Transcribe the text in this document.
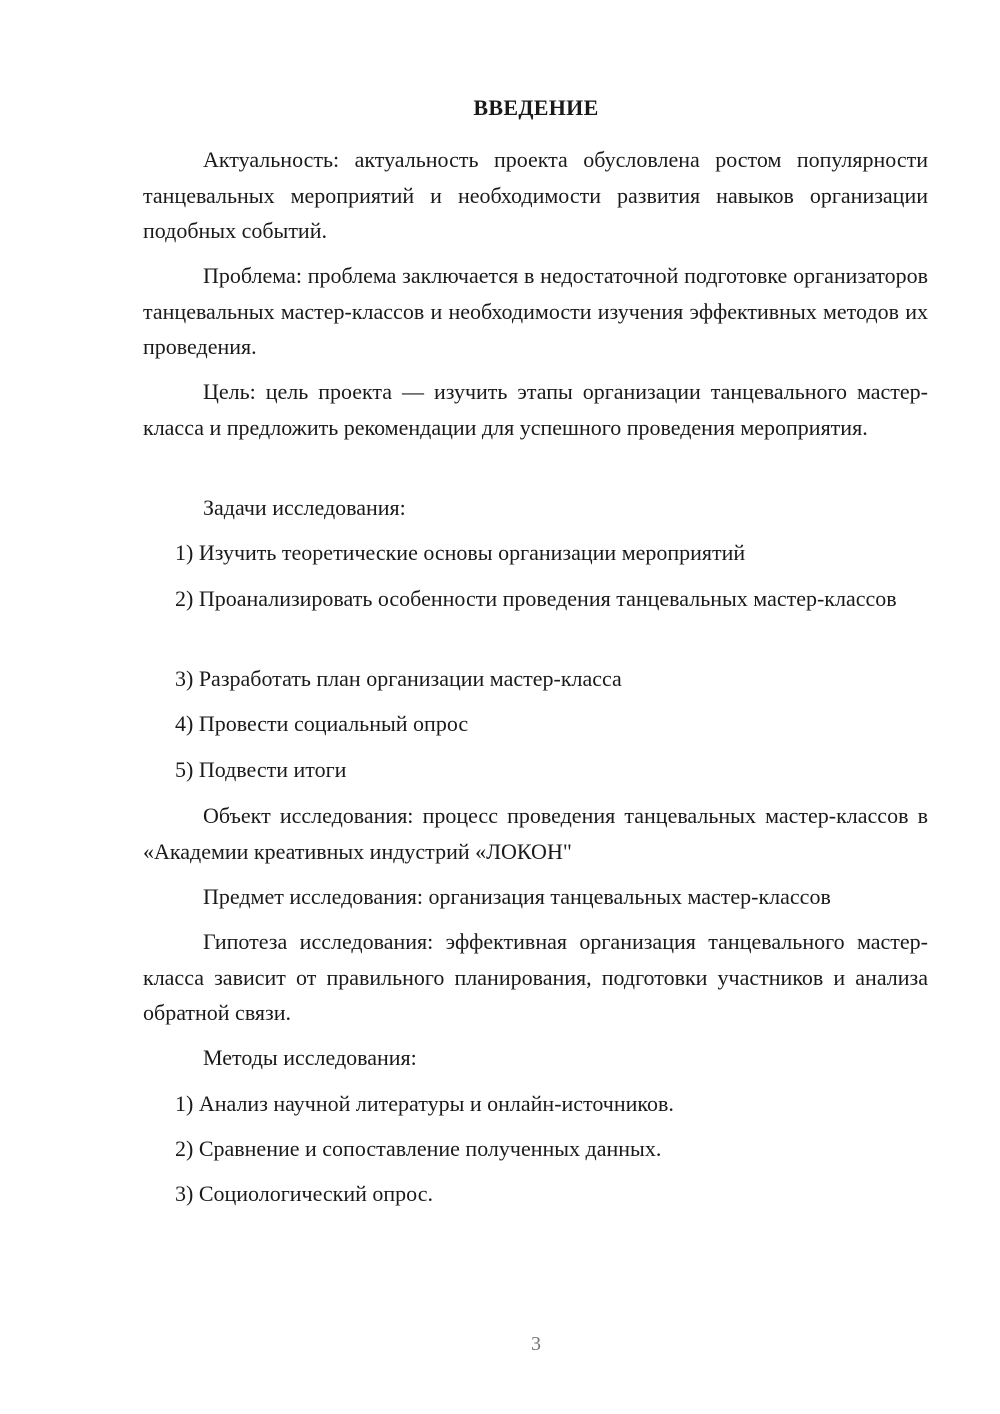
ВВЕДЕНИЕ

Актуальность: актуальность проекта обусловлена ростом популярности танцевальных мероприятий и необходимости развития навыков организации подобных событий.

Проблема: проблема заключается в недостаточной подготовке организаторов танцевальных мастер-классов и необходимости изучения эффективных методов их проведения.

Цель: цель проекта — изучить этапы организации танцевального мастер-класса и предложить рекомендации для успешного проведения мероприятия.

Задачи исследования:

1) Изучить теоретические основы организации мероприятий

2) Проанализировать особенности проведения танцевальных мастер-классов

3) Разработать план организации мастер-класса

4) Провести социальный опрос

5) Подвести итоги

Объект исследования: процесс проведения танцевальных мастер-классов в «Академии креативных индустрий «ЛОКОН"

Предмет исследования: организация танцевальных мастер-классов

Гипотеза исследования: эффективная организация танцевального мастер-класса зависит от правильного планирования, подготовки участников и анализа обратной связи.

Методы исследования:

1) Анализ научной литературы и онлайн-источников.

2) Сравнение и сопоставление полученных данных.

3) Социологический опрос.

3
